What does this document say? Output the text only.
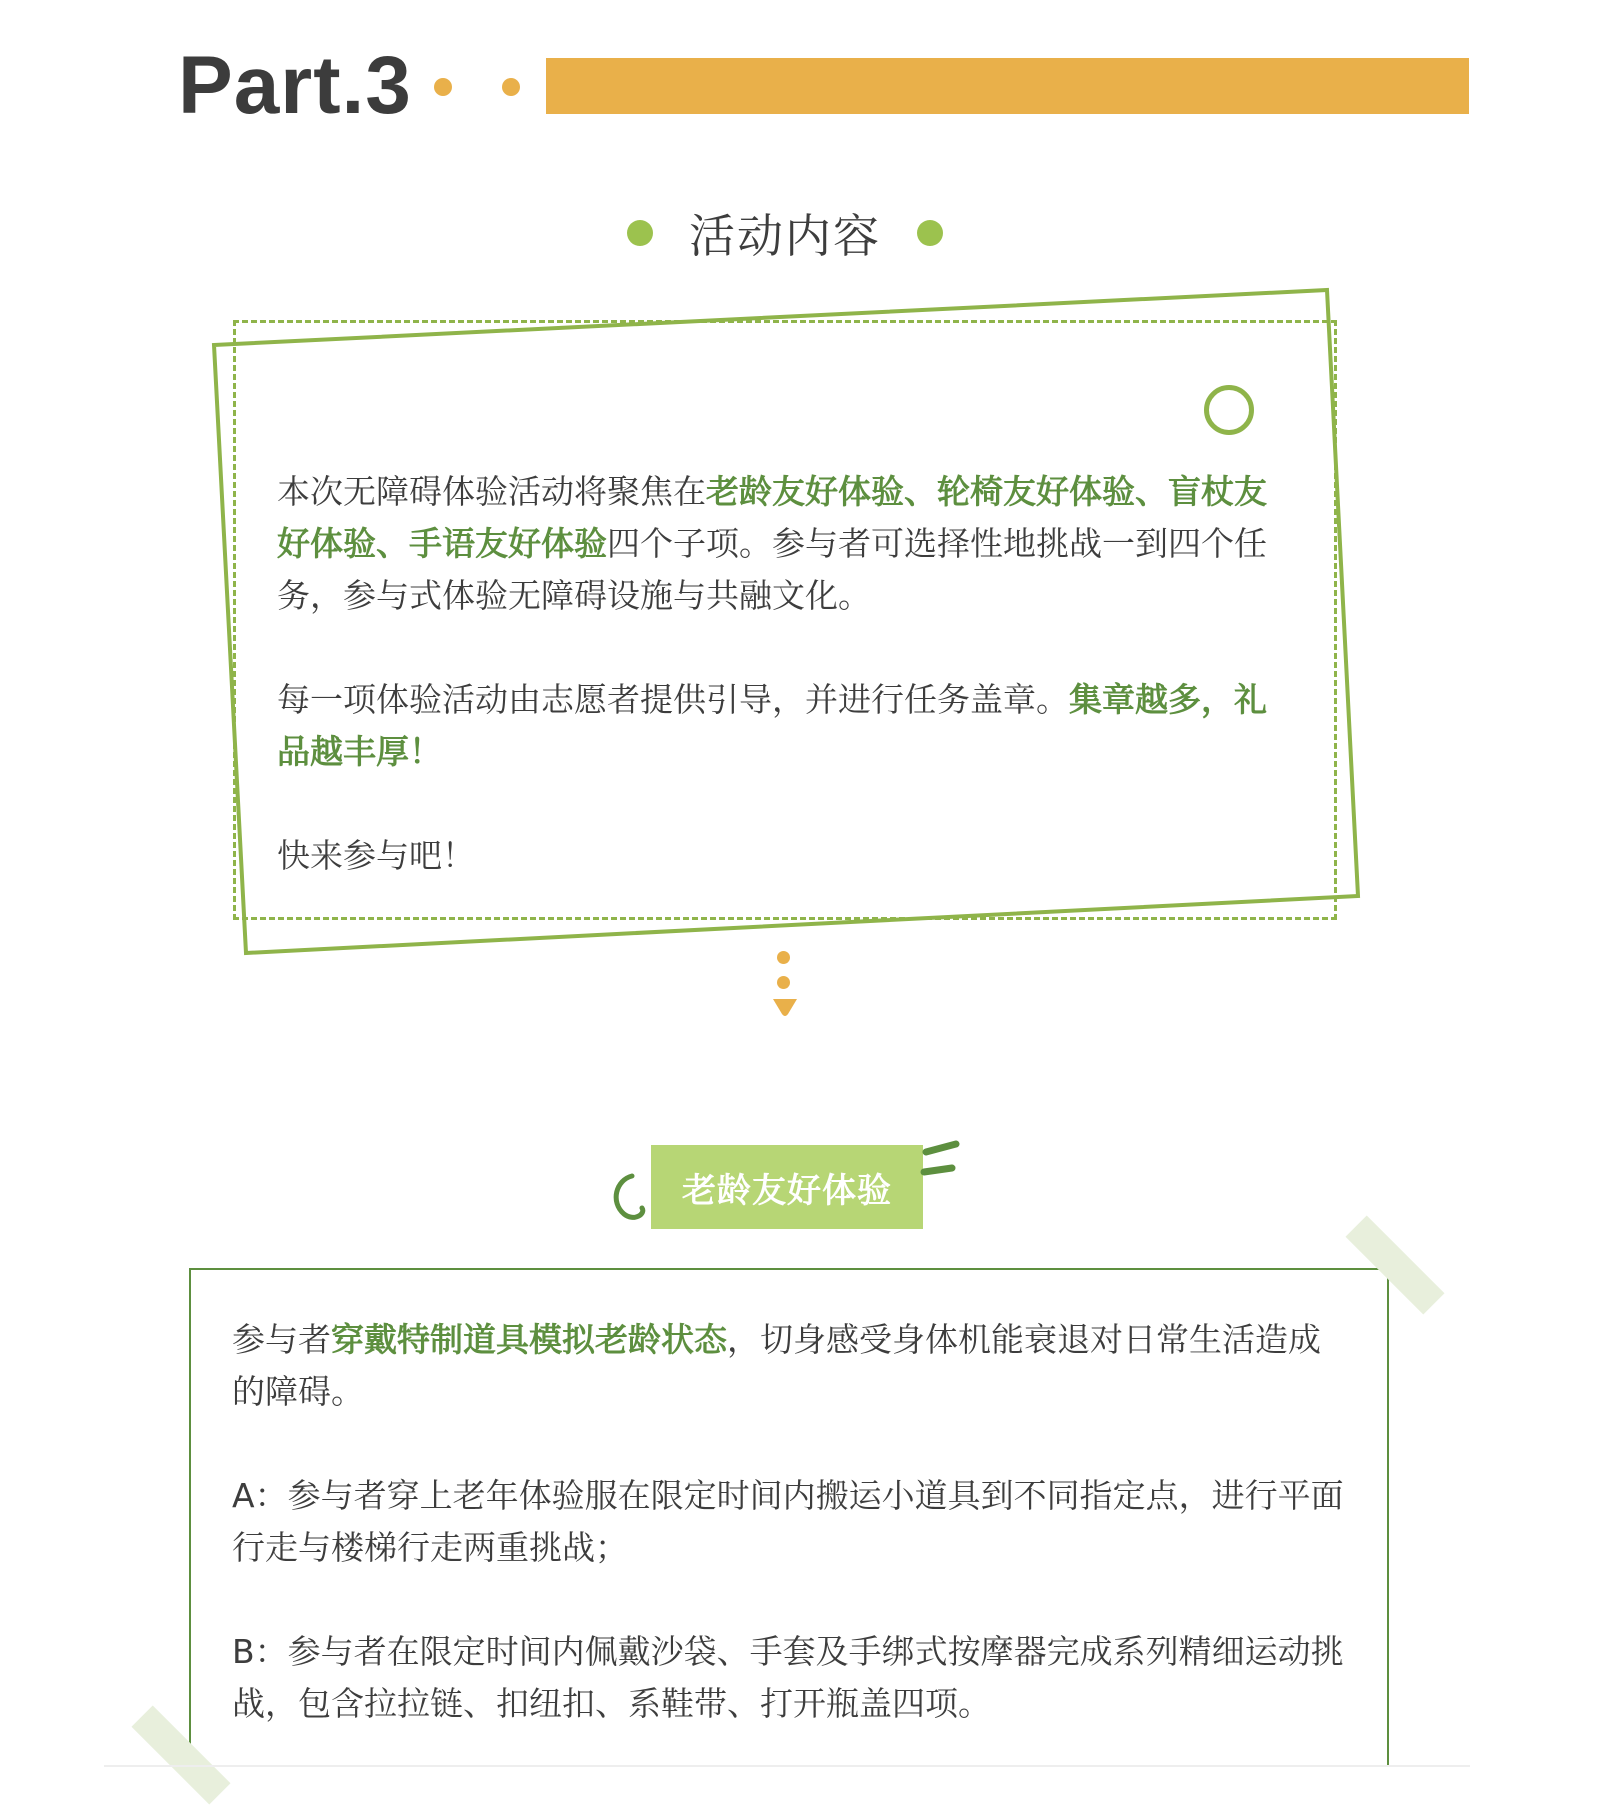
Part.3
活动内容

本次无障碍体验活动将聚焦在老龄友好体验、轮椅友好体验、盲杖友好体验、手语友好体验四个子项。参与者可选择性地挑战一到四个任务，参与式体验无障碍设施与共融文化。

每一项体验活动由志愿者提供引导，并进行任务盖章。集章越多，礼品越丰厚！

快来参与吧！

老龄友好体验

参与者穿戴特制道具模拟老龄状态，切身感受身体机能衰退对日常生活造成的障碍。

A：参与者穿上老年体验服在限定时间内搬运小道具到不同指定点，进行平面行走与楼梯行走两重挑战；

B：参与者在限定时间内佩戴沙袋、手套及手绑式按摩器完成系列精细运动挑战，包含拉拉链、扣纽扣、系鞋带、打开瓶盖四项。
